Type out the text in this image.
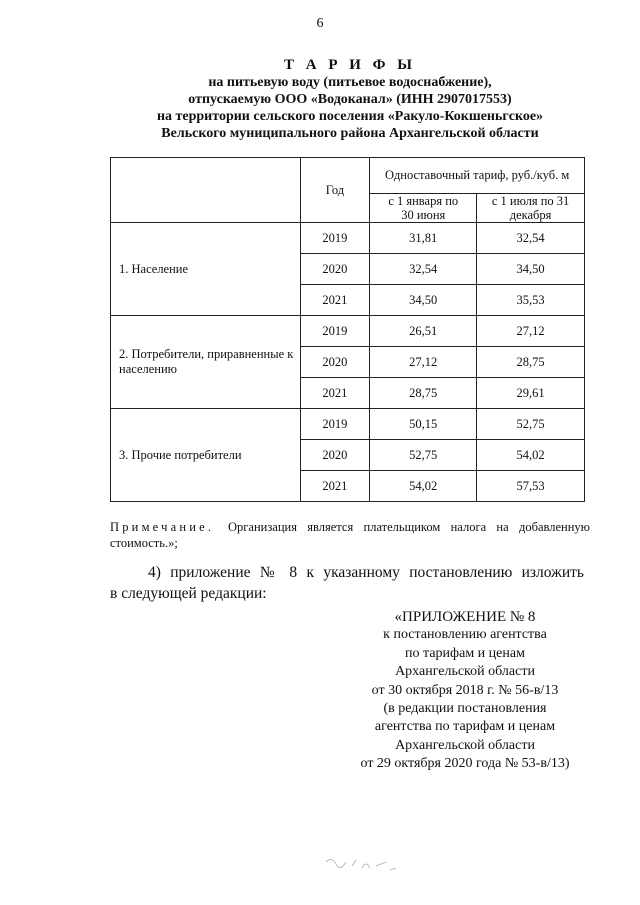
6
Т А Р И Ф Ы
на питьевую воду (питьевое водоснабжение),
отпускаемую ООО «Водоканал» (ИНН 2907017553)
на территории сельского поселения «Ракуло-Кокшеньгское»
Вельского муниципального района Архангельской области
	Год	Одноставочный тариф, руб./куб. м	
		с 1 января по 30 июня	с 1 июля по 31 декабря
1. Население	2019	31,81	32,54
	2020	32,54	34,50
	2021	34,50	35,53
2. Потребители, приравненные к населению	2019	26,51	27,12
	2020	27,12	28,75
	2021	28,75	29,61
3. Прочие потребители	2019	50,15	52,75
	2020	52,75	54,02
	2021	54,02	57,53
Примечание. Организация является плательщиком налога на добавленную стоимость.»;
4) приложение № 8 к указанному постановлению изложить
в следующей редакции:
«ПРИЛОЖЕНИЕ № 8
к постановлению агентства
по тарифам и ценам
Архангельской области
от 30 октября 2018 г. № 56-в/13
(в редакции постановления
агентства по тарифам и ценам
Архангельской области
от 29 октября 2020 года № 53-в/13)
